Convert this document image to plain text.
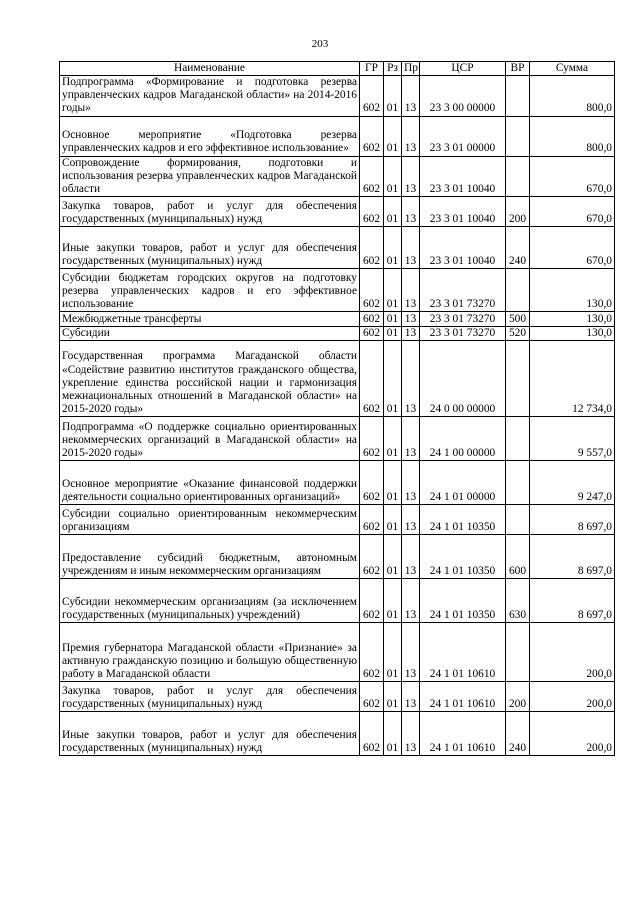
203
Наименование	ГР	Рз	Пр	ЦСР	ВР	Сумма
Подпрограмма «Формирование и подготовка резерва управленческих кадров Магаданской области» на 2014-2016 годы»	602	01	13	23 3 00 00000		800,0
Основное мероприятие «Подготовка резерва управленческих кадров и его эффективное использование»	602	01	13	23 3 01 00000		800,0
Сопровождение формирования, подготовки и использования резерва управленческих кадров Магаданской области	602	01	13	23 3 01 10040		670,0
Закупка товаров, работ и услуг для обеспечения государственных (муниципальных) нужд	602	01	13	23 3 01 10040	200	670,0
Иные закупки товаров, работ и услуг для обеспечения государственных (муниципальных) нужд	602	01	13	23 3 01 10040	240	670,0
Субсидии бюджетам городских округов на подготовку резерва управленческих кадров и его эффективное использование	602	01	13	23 3 01 73270		130,0
Межбюджетные трансферты	602	01	13	23 3 01 73270	500	130,0
Субсидии	602	01	13	23 3 01 73270	520	130,0
Государственная программа Магаданской области «Содействие развитию институтов гражданского общества, укрепление единства российской нации и гармонизация межнациональных отношений в Магаданской области» на 2015-2020 годы»	602	01	13	24 0 00 00000		12 734,0
Подпрограмма «О поддержке социально ориентированных некоммерческих организаций в Магаданской области» на 2015-2020 годы»	602	01	13	24 1 00 00000		9 557,0
Основное мероприятие «Оказание финансовой поддержки деятельности социально ориентированных организаций»	602	01	13	24 1 01 00000		9 247,0
Субсидии социально ориентированным некоммерческим организациям	602	01	13	24 1 01 10350		8 697,0
Предоставление субсидий бюджетным, автономным учреждениям и иным некоммерческим организациям	602	01	13	24 1 01 10350	600	8 697,0
Субсидии некоммерческим организациям (за исключением государственных (муниципальных) учреждений)	602	01	13	24 1 01 10350	630	8 697,0
Премия губернатора Магаданской области «Признание» за активную гражданскую позицию и большую общественную работу в Магаданской области	602	01	13	24 1 01 10610		200,0
Закупка товаров, работ и услуг для обеспечения государственных (муниципальных) нужд	602	01	13	24 1 01 10610	200	200,0
Иные закупки товаров, работ и услуг для обеспечения государственных (муниципальных) нужд	602	01	13	24 1 01 10610	240	200,0
